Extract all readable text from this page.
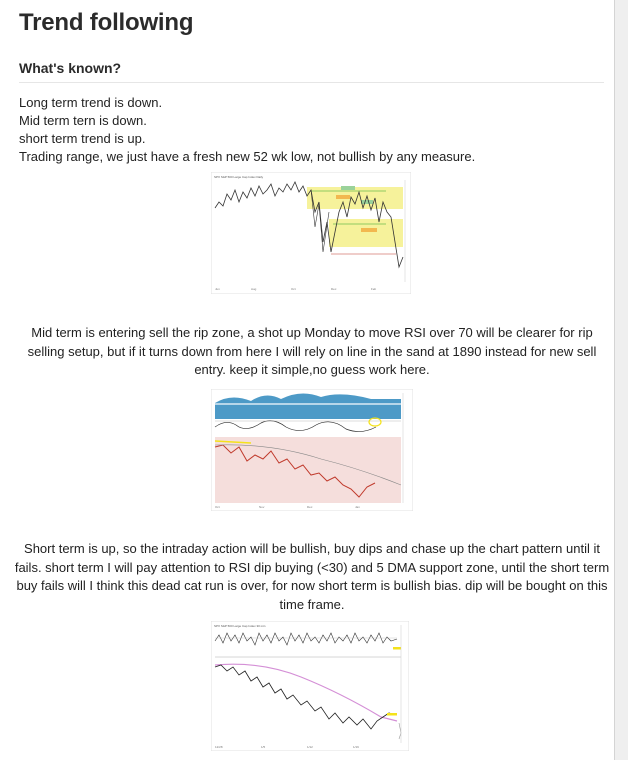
Trend following
What's known?
Long term trend is down.
Mid term tern is down.
short term trend is up.
Trading range, we just have a fresh new 52 wk low, not bullish by any measure.
SPX S&P 500 Large Cap Index Daily
Jun	Aug	Oct	Dec	Feb
Mid term is entering sell the rip zone, a shot up Monday to move RSI over 70 will be clearer for rip selling setup, but if it turns down from here I will rely on line in the sand at 1890 instead for new sell entry. keep it simple,no guess work here.
Oct	Nov	Dec	Jan
Short term is up, so the intraday action will be bullish, buy dips and chase up the chart pattern until it fails. short term I will pay attention to RSI dip buying (<30) and 5 DMA support zone, until the short term buy fails will I think this dead cat run is over, for now short term is bullish bias. dip will be bought on this time frame.
SPX S&P 500 Large Cap Index 30 min
12/28	1/5	1/12	1/19
